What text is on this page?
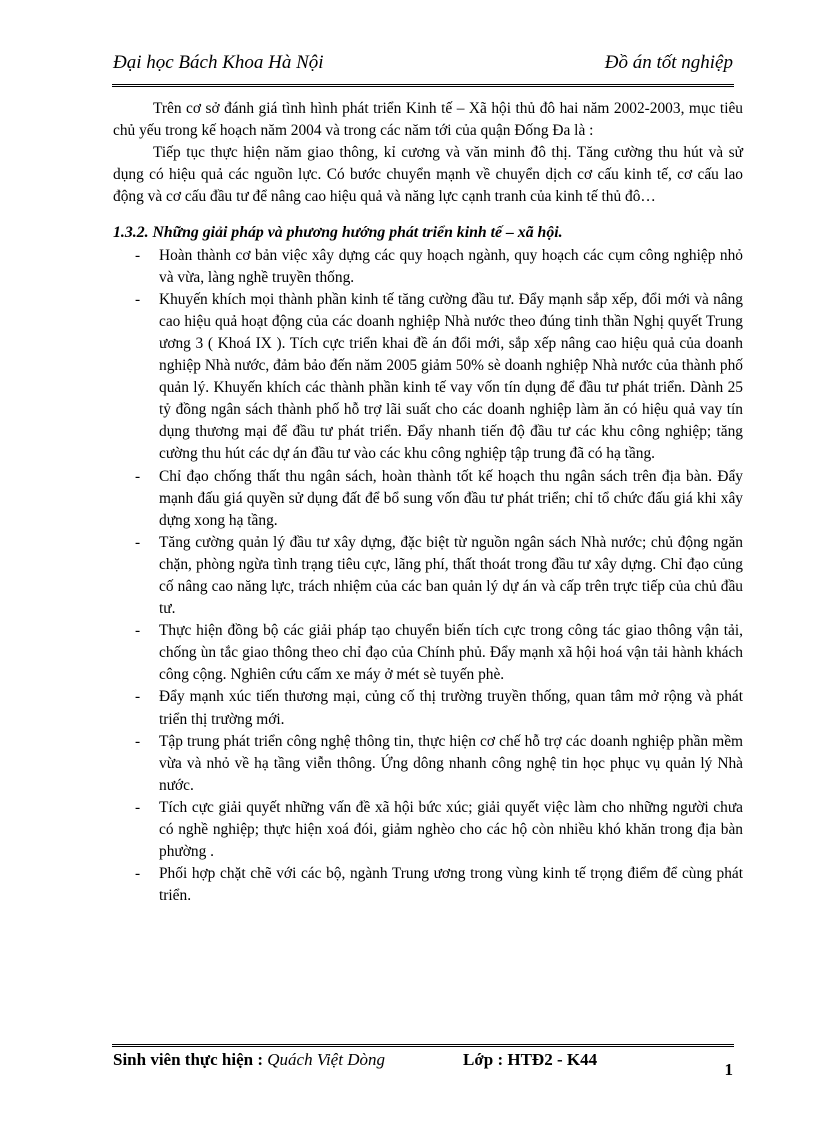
Đại học Bách Khoa Hà Nội	Đồ án tốt nghiệp

Trên cơ sở đánh giá tình hình phát triển Kinh tế – Xã hội thủ đô hai năm 2002-2003, mục tiêu chủ yếu trong kế hoạch năm 2004 và trong các năm tới của quận Đống Đa là :

Tiếp tục thực hiện năm giao thông, kỉ cương và văn minh đô thị. Tăng cường thu hút và sử dụng có hiệu quả các nguồn lực. Có bước chuyển mạnh về chuyển dịch cơ cấu kinh tế, cơ cấu lao động và cơ cấu đầu tư để nâng cao hiệu quả và năng lực cạnh tranh của kinh tế thủ đô…

1.3.2. Những giải pháp và phương hướng phát triển kinh tế – xã hội.

- Hoàn thành cơ bản việc xây dựng các quy hoạch ngành, quy hoạch các cụm công nghiệp nhỏ và vừa, làng nghề truyền thống.
- Khuyến khích mọi thành phần kinh tế tăng cường đầu tư. Đẩy mạnh sắp xếp, đổi mới và nâng cao hiệu quả hoạt động của các doanh nghiệp Nhà nước theo đúng tinh thần Nghị quyết Trung ương 3 ( Khoá IX ). Tích cực triển khai đề án đổi mới, sắp xếp nâng cao hiệu quả của doanh nghiệp Nhà nước, đảm bảo đến năm 2005 giảm 50% sè doanh nghiệp Nhà nước của thành phố quản lý. Khuyến khích các thành phần kinh tế vay vốn tín dụng để đầu tư phát triển. Dành 25 tỷ đồng ngân sách thành phố hỗ trợ lãi suất cho các doanh nghiệp làm ăn có hiệu quả vay tín dụng thương mại để đầu tư phát triển. Đẩy nhanh tiến độ đầu tư các khu công nghiệp; tăng cường thu hút các dự án đầu tư vào các khu công nghiệp tập trung đã có hạ tầng.
- Chỉ đạo chống thất thu ngân sách, hoàn thành tốt kế hoạch thu ngân sách trên địa bàn. Đẩy mạnh đấu giá quyền sử dụng đất để bổ sung vốn đầu tư phát triển; chỉ tổ chức đấu giá khi xây dựng xong hạ tầng.
- Tăng cường quản lý đầu tư xây dựng, đặc biệt từ nguồn ngân sách Nhà nước; chủ động ngăn chặn, phòng ngừa tình trạng tiêu cực, lãng phí, thất thoát trong đầu tư xây dựng. Chỉ đạo củng cố nâng cao năng lực, trách nhiệm của các ban quản lý dự án và cấp trên trực tiếp của chủ đầu tư.
- Thực hiện đồng bộ các giải pháp tạo chuyển biến tích cực trong công tác giao thông vận tải, chống ùn tắc giao thông theo chỉ đạo của Chính phủ. Đẩy mạnh xã hội hoá vận tải hành khách công cộng. Nghiên cứu cấm xe máy ở mét sè tuyến phè.
- Đẩy mạnh xúc tiến thương mại, củng cố thị trường truyền thống, quan tâm mở rộng và phát triển thị trường mới.
- Tập trung phát triển công nghệ thông tin, thực hiện cơ chế hỗ trợ các doanh nghiệp phần mềm vừa và nhỏ về hạ tầng viễn thông. Ứng dông nhanh công nghệ tin học phục vụ quản lý Nhà nước.
- Tích cực giải quyết những vấn đề xã hội bức xúc; giải quyết việc làm cho những người chưa có nghề nghiệp; thực hiện xoá đói, giảm nghèo cho các hộ còn nhiều khó khăn trong địa bàn phường .
- Phối hợp chặt chẽ với các bộ, ngành Trung ương trong vùng kinh tế trọng điểm để cùng phát triển.
Sinh viên thực hiện : Quách Việt Dòng	Lớp : HTĐ2 - K44
1
